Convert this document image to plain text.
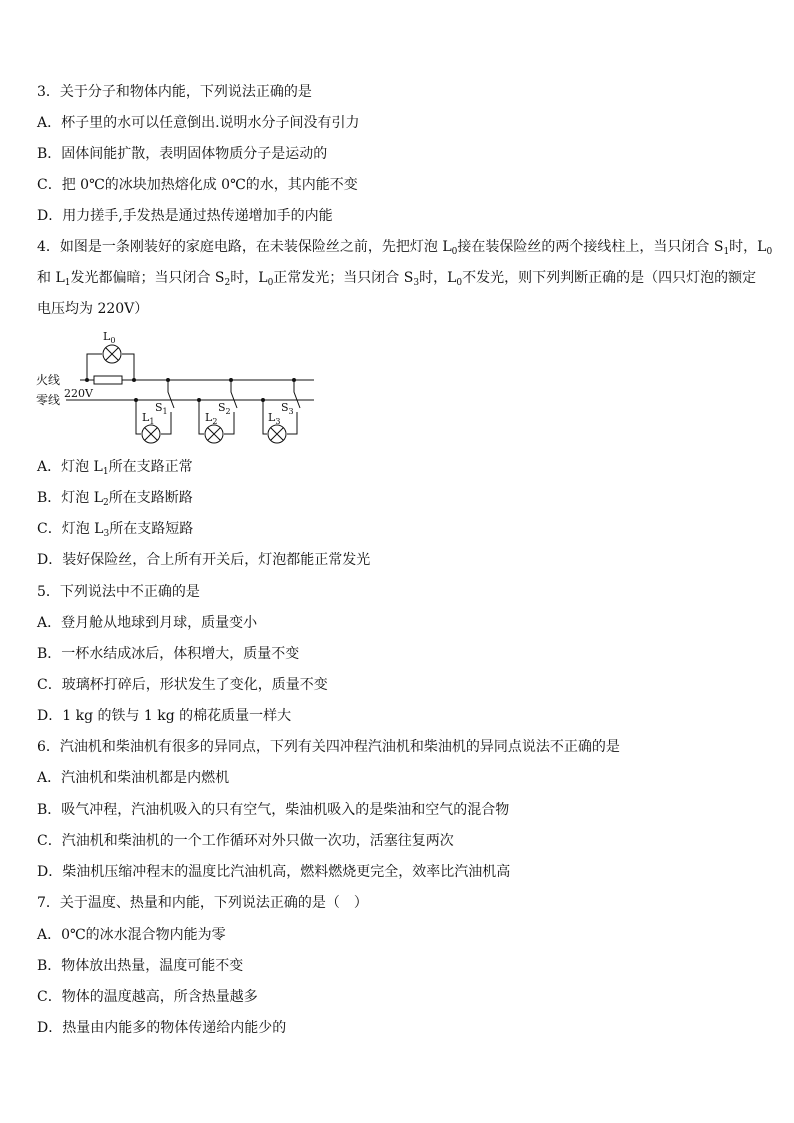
3．关于分子和物体内能，下列说法正确的是

A．杯子里的水可以任意倒出.说明水分子间没有引力

B．固体间能扩散，表明固体物质分子是运动的

C．把 0℃的冰块加热熔化成 0℃的水，其内能不变

D．用力搓手,手发热是通过热传递增加手的内能

4．如图是一条刚装好的家庭电路，在未装保险丝之前，先把灯泡 $L_0$接在装保险丝的两个接线柱上，当只闭合 $S_1$时，$L_0$

和 $L_1$发光都偏暗；当只闭合 $S_2$时，$L_0$正常发光；当只闭合 $S_3$时，$L_0$不发光，则下列判断正确的是（四只灯泡的额定

电压均为 220V）

火线
零线 220V
$L_0$
$L_1$
$S_1$	$L_2$
$S_2$	$L_3$
$S_3$

A．灯泡 $L_1$所在支路正常

B．灯泡 $L_2$所在支路断路

C．灯泡 $L_3$所在支路短路

D．装好保险丝，合上所有开关后，灯泡都能正常发光

5．下列说法中不正确的是

A．登月舱从地球到月球，质量变小

B．一杯水结成冰后，体积增大，质量不变

C．玻璃杯打碎后，形状发生了变化，质量不变

D．1 kg 的铁与 1 kg 的棉花质量一样大

6．汽油机和柴油机有很多的异同点，下列有关四冲程汽油机和柴油机的异同点说法不正确的是

A．汽油机和柴油机都是内燃机

B．吸气冲程，汽油机吸入的只有空气，柴油机吸入的是柴油和空气的混合物

C．汽油机和柴油机的一个工作循环对外只做一次功，活塞往复两次

D．柴油机压缩冲程末的温度比汽油机高，燃料燃烧更完全，效率比汽油机高

7．关于温度、热量和内能，下列说法正确的是（　）

A．0℃的冰水混合物内能为零

B．物体放出热量，温度可能不变

C．物体的温度越高，所含热量越多

D．热量由内能多的物体传递给内能少的
